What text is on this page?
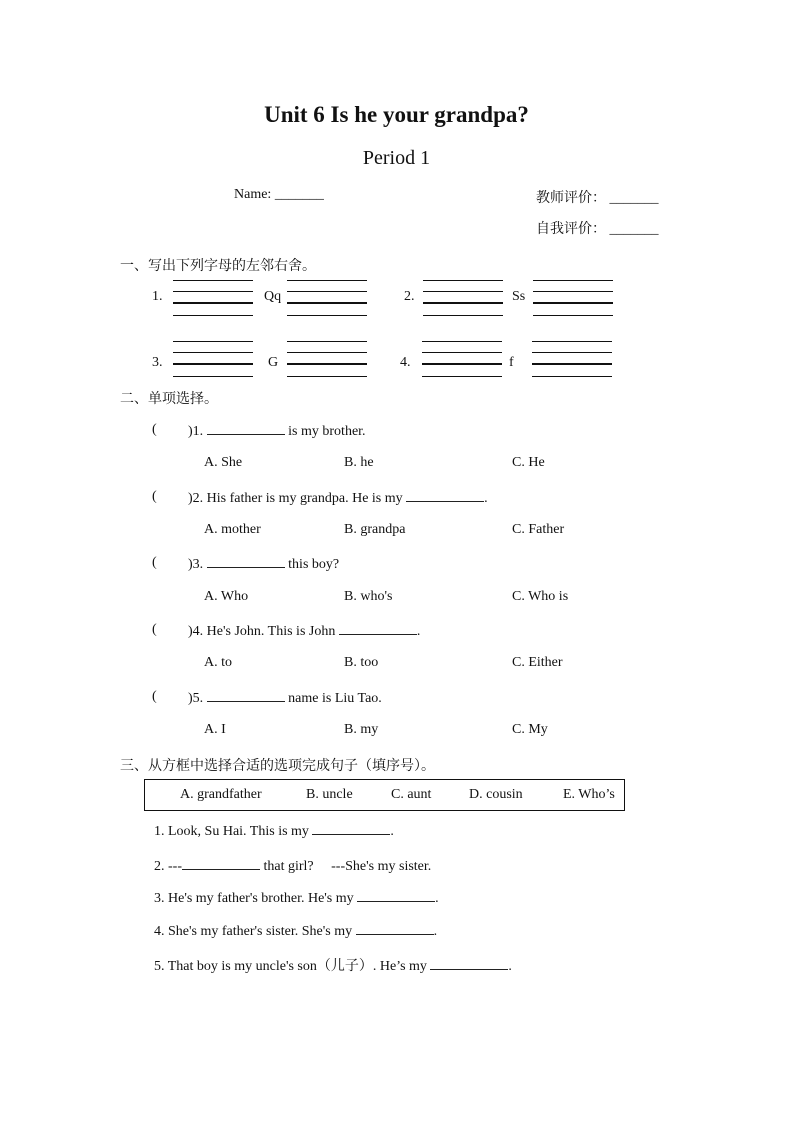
Unit 6 Is he your grandpa?
Period 1
Name: _______	教师评价： _______
自我评价： _______
一、写出下列字母的左邻右舍。
1.	Qq	2.	Ss
3.	G	4.	f
二、单项选择。
( )1.	is my brother.
A. She	B. he	C. He
( )2. His father is my grandpa. He is my	.
A. mother	B. grandpa	C. Father
( )3.	this boy?
A. Who	B. who's	C. Who is
( )4. He's John. This is John	.
A. to	B. too	C. Either
( )5.	name is Liu Tao.
A. I	B. my	C. My
三、从方框中选择合适的选项完成句子（填序号）。
A. grandfather	B. uncle	C. aunt	D. cousin	E. Who’s
1. Look, Su Hai. This is my	.
2. ---	that girl?　 ---She's my sister.
3. He's my father's brother. He's my	.
4. She's my father's sister. She's my	.
5. That boy is my uncle's son（儿子）. He’s my	.
